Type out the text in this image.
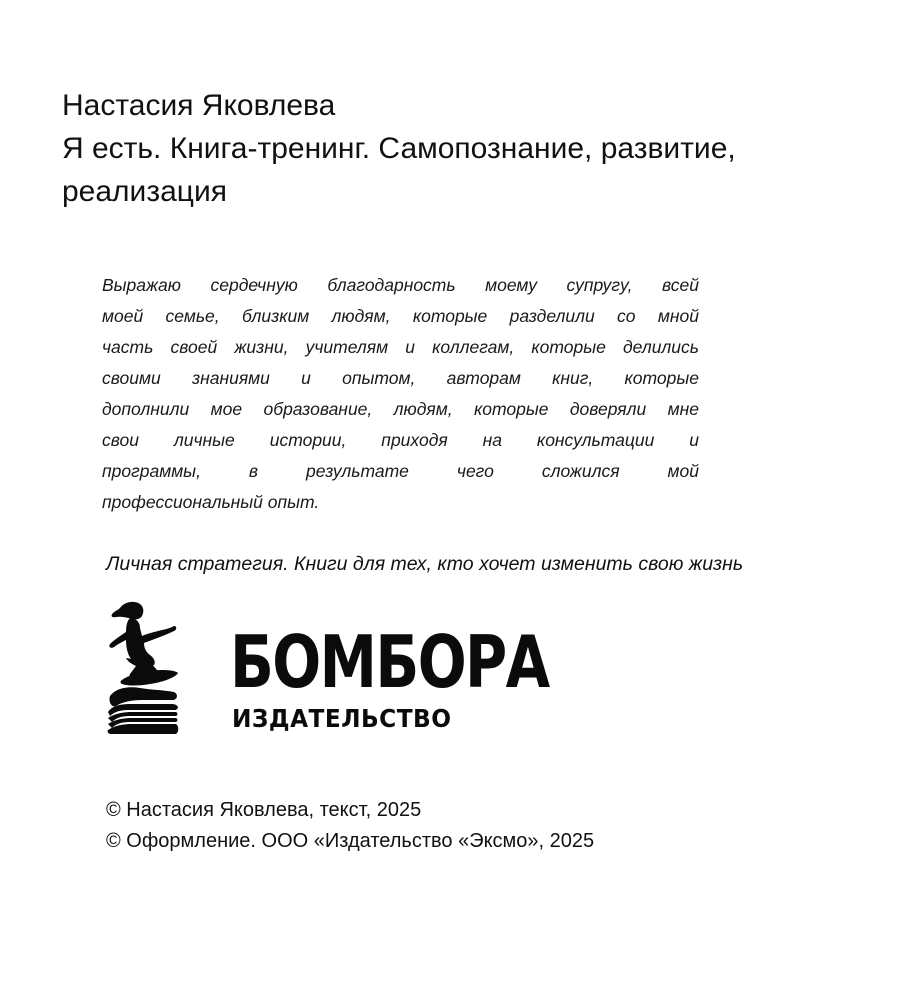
Настасия Яковлева
Я есть. Книга-тренинг. Самопознание, развитие,
реализация
Выражаю сердечную благодарность моему супругу, всей
моей семье, близким людям, которые разделили со мной
часть своей жизни, учителям и коллегам, которые делились
своими знаниями и опытом, авторам книг, которые
дополнили мое образование, людям, которые доверяли мне
свои личные истории, приходя на консультации и
программы, в результате чего сложился мой
профессиональный опыт.
Личная стратегия. Книги для тех, кто хочет изменить свою жизнь
БОМБОРА
ИЗДАТЕЛЬСТВО
© Настасия Яковлева, текст, 2025
© Оформление. ООО «Издательство «Эксмо», 2025
